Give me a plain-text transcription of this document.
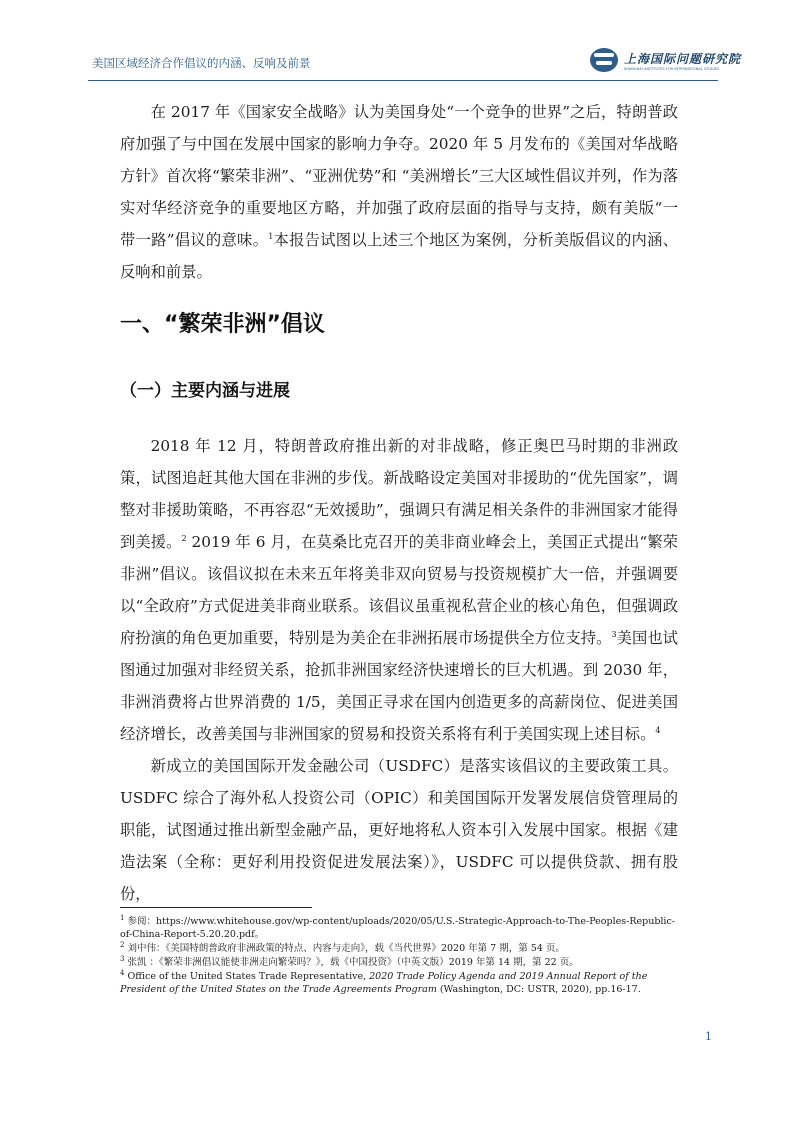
美国区域经济合作倡议的内涵、反响及前景	上海国际问题研究院
SHANGHAI INSTITUTES FOR INTERNATIONAL STUDIES

在 2017 年《国家安全战略》认为美国身处“一个竞争的世界”之后，特朗普政府加强了与中国在发展中国家的影响力争夺。2020 年 5 月发布的《美国对华战略方针》首次将“繁荣非洲”、“亚洲优势”和 “美洲增长”三大区域性倡议并列，作为落实对华经济竞争的重要地区方略，并加强了政府层面的指导与支持，颇有美版“一带一路”倡议的意味。$^1$本报告试图以上述三个地区为案例，分析美版倡议的内涵、反响和前景。

一、“繁荣非洲”倡议
（一）主要内涵与进展

2018 年 12 月，特朗普政府推出新的对非战略，修正奥巴马时期的非洲政策，试图追赶其他大国在非洲的步伐。新战略设定美国对非援助的“优先国家”，调整对非援助策略，不再容忍“无效援助”，强调只有满足相关条件的非洲国家才能得到美援。$^2$ 2019 年 6 月，在莫桑比克召开的美非商业峰会上，美国正式提出“繁荣非洲”倡议。该倡议拟在未来五年将美非双向贸易与投资规模扩大一倍，并强调要以“全政府”方式促进美非商业联系。该倡议虽重视私营企业的核心角色，但强调政府扮演的角色更加重要，特别是为美企在非洲拓展市场提供全方位支持。$^3$美国也试图通过加强对非经贸关系，抢抓非洲国家经济快速增长的巨大机遇。到 2030 年，非洲消费将占世界消费的 1/5，美国正寻求在国内创造更多的高薪岗位、促进美国经济增长，改善美国与非洲国家的贸易和投资关系将有利于美国实现上述目标。$^4$

新成立的美国国际开发金融公司（USDFC）是落实该倡议的主要政策工具。USDFC 综合了海外私人投资公司（OPIC）和美国国际开发署发展信贷管理局的职能，试图通过推出新型金融产品，更好地将私人资本引入发展中国家。根据《建造法案（全称：更好利用投资促进发展法案）》，USDFC 可以提供贷款、拥有股份，

$^1$ 参阅：https://www.whitehouse.gov/wp-content/uploads/2020/05/U.S.-Strategic-Approach-to-The-Peoples-Republic-of-China-Report-5.20.20.pdf。

$^2$ 刘中伟：《美国特朗普政府非洲政策的特点、内容与走向》，载《当代世界》2020 年第 7 期，第 54 页。

$^3$ 张凯 ：《繁荣非洲倡议能使非洲走向繁荣吗？》，载《中国投资》（中英文版）2019 年第 14 期，第 22 页。

$^4$ Office of the United States Trade Representative, 2020 Trade Policy Agenda and 2019 Annual Report of the President of the United States on the Trade Agreements Program (Washington, DC: USTR, 2020), pp.16-17.

1
